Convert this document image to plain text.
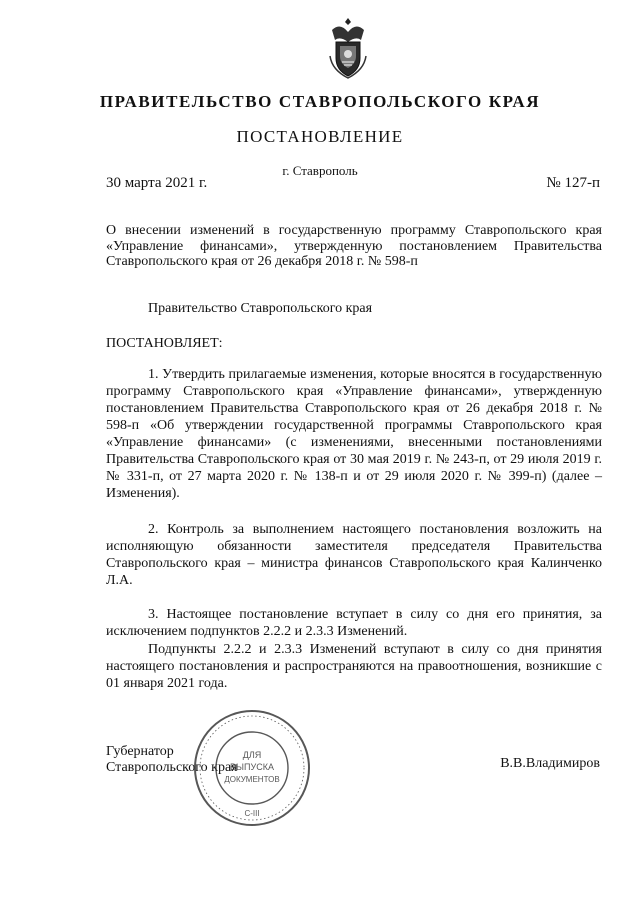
ПРАВИТЕЛЬСТВО СТАВРОПОЛЬСКОГО КРАЯ
ПОСТАНОВЛЕНИЕ
30 марта 2021 г.
г. Ставрополь
№ 127-п

О внесении изменений в государственную программу Ставропольского края «Управление финансами», утвержденную постановлением Правительства Ставропольского края от 26 декабря 2018 г. № 598-п

Правительство Ставропольского края

ПОСТАНОВЛЯЕТ:

1. Утвердить прилагаемые изменения, которые вносятся в государственную программу Ставропольского края «Управление финансами», утвержденную постановлением Правительства Ставропольского края от 26 декабря 2018 г. № 598-п «Об утверждении государственной программы Ставропольского края «Управление финансами» (с изменениями, внесенными постановлениями Правительства Ставропольского края от 30 мая 2019 г. № 243-п, от 29 июля 2019 г. № 331-п, от 27 марта 2020 г. № 138-п и от 29 июля 2020 г. № 399-п) (далее – Изменения).

2. Контроль за выполнением настоящего постановления возложить на исполняющую обязанности заместителя председателя Правительства Ставропольского края – министра финансов Ставропольского края Калинченко Л.А.

3. Настоящее постановление вступает в силу со дня его принятия, за исключением подпунктов 2.2.2 и 2.3.3 Изменений.

Подпункты 2.2.2 и 2.3.3 Изменений вступают в силу со дня принятия настоящего постановления и распространяются на правоотношения, возникшие с 01 января 2021 года.

Губернатор
Ставропольского края	В.В.Владимиров
ДЛЯ
ВЫПУСКА
ДОКУМЕНТОВ
С-III
